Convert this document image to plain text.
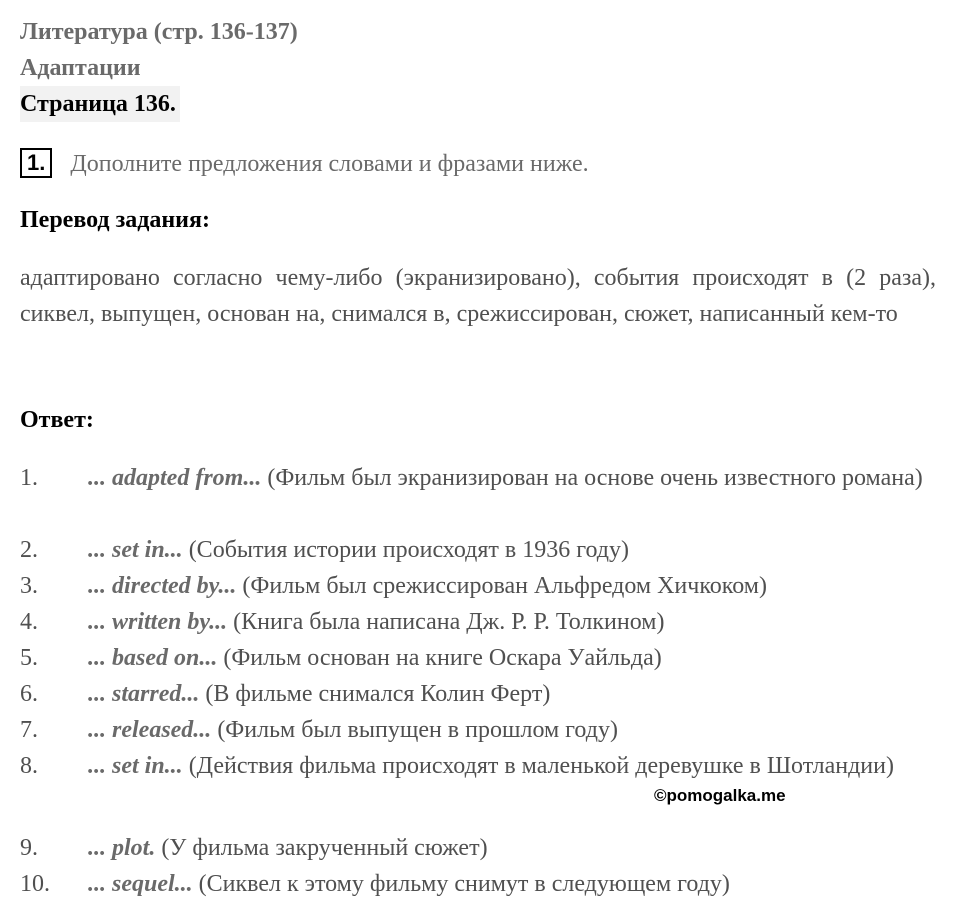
Литература (стр. 136-137)
Адаптации
Страница 136.
1. Дополните предложения словами и фразами ниже.
Перевод задания:
адаптировано согласно чему-либо (экранизировано), события происходят в (2 раза), сиквел, выпущен, основан на, снимался в, срежиссирован, сюжет, написанный кем-то
Ответ:
1. ... adapted from... (Фильм был экранизирован на основе очень известного романа)
2. ... set in... (События истории происходят в 1936 году)
3. ... directed by... (Фильм был срежиссирован Альфредом Хичкоком)
4. ... written by... (Книга была написана Дж. Р. Р. Толкином)
5. ... based on... (Фильм основан на книге Оскара Уайльда)
6. ... starred... (В фильме снимался Колин Ферт)
7. ... released... (Фильм был выпущен в прошлом году)
8. ... set in... (Действия фильма происходят в маленькой деревушке в Шотландии)
9. ... plot. (У фильма закрученный сюжет)
10. ... sequel... (Сиквел к этому фильму снимут в следующем году)
©pomogalka.me
